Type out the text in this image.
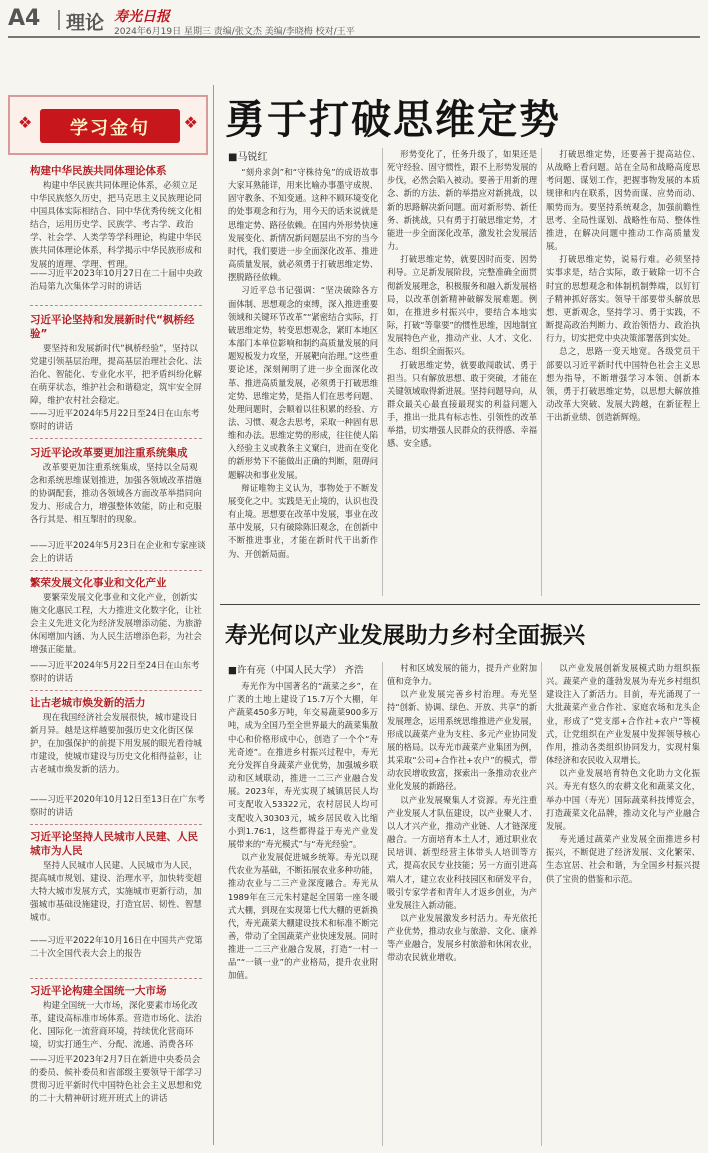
A4 理论 寿光日报
2024年6月19日 星期三 责编/张文杰 美编/李晓梅 校对/王平
❖	学习金句	❖
构建中华民族共同体理论体系
构建中华民族共同体理论体系，必须立足中华民族悠久历史，把马克思主义民族理论同中国具体实际相结合、同中华优秀传统文化相结合，运用历史学、民族学、考古学、政治学、社会学、人类学等学科理论，构建中华民族共同体理论体系，科学揭示中华民族形成和发展的道理、学理、哲理。
——习近平2023年10月27日在二十届中央政治局第九次集体学习时的讲话
习近平论坚持和发展新时代“枫桥经验”
要坚持和发展新时代“枫桥经验”，坚持以党建引领基层治理，提高基层治理社会化、法治化、智能化、专业化水平，把矛盾纠纷化解在萌芽状态，维护社会和谐稳定，筑牢安全屏障，维护农村社会稳定。
——习近平2024年5月22日至24日在山东考察时的讲话
习近平论改革要更加注重系统集成
改革要更加注重系统集成，坚持以全局观念和系统思维谋划推进，加强各领域改革措施的协调配套，推动各领域各方面改革举措同向发力、形成合力，增强整体效能，防止和克服各行其是、相互掣肘的现象。
——习近平2024年5月23日在企业和专家座谈会上的讲话
繁荣发展文化事业和文化产业
要繁荣发展文化事业和文化产业，创新实施文化惠民工程，大力推进文化数字化，让社会主义先进文化为经济发展增添动能、为旅游休闲增加内涵、为人民生活增添色彩，为社会增强正能量。
——习近平2024年5月22日至24日在山东考察时的讲话
让古老城市焕发新的活力
现在我国经济社会发展很快，城市建设日新月异。越是这样越要加强历史文化街区保护，在加强保护的前提下用发展的眼光看待城市建设，使城市建设与历史文化相得益彰，让古老城市焕发新的活力。
——习近平2020年10月12日至13日在广东考察时的讲话
习近平论坚持人民城市人民建、人民城市为人民
坚持人民城市人民建、人民城市为人民，提高城市规划、建设、治理水平，加快转变超大特大城市发展方式，实施城市更新行动，加强城市基础设施建设，打造宜居、韧性、智慧城市。
——习近平2022年10月16日在中国共产党第二十次全国代表大会上的报告
习近平论构建全国统一大市场
构建全国统一大市场，深化要素市场化改革，建设高标准市场体系。营造市场化、法治化、国际化一流营商环境，持续优化营商环境，切实打通生产、分配、流通、消费各环
——习近平2023年2月7日在新进中央委员会的委员、候补委员和省部级主要领导干部学习贯彻习近平新时代中国特色社会主义思想和党的二十大精神研讨班开班式上的讲话
勇于打破思维定势
■马锐红

“刻舟求剑”和“守株待兔”的成语故事大家耳熟能详，用来比喻办事墨守成规、固守教条、不知变通。这种不顾环境变化的处事观念和行为，用今天的话来说就是思维定势、路径依赖。在国内外形势快速发展变化、新情况新问题层出不穷的当今时代，我们要进一步全面深化改革、推进高质量发展，就必须勇于打破思维定势、摆脱路径依赖。

习近平总书记强调：“坚决破除各方面体制、思想观念的束缚，深入推进重要领域和关键环节改革”“紧密结合实际，打破思维定势，转变思想观念，紧盯本地区本部门本单位影响和制约高质量发展的问题短板发力攻坚，开展靶向治理。”这些重要论述，深刻阐明了进一步全面深化改革、推进高质量发展，必须勇于打破思维定势、思维定势，是指人们在思考问题、处理问题时，会顺着以往积累的经验、方法、习惯、观念去思考，采取一种固有思维和办法。思维定势的形成，往往使人陷入经验主义或教条主义窠臼，进而在变化的新形势下不能做出正确的判断，阻碍问题解决和事业发展。

辩证唯物主义认为，事物处于不断发展变化之中。实践是无止境的，认识也没有止境。思想要在改革中发展，事业在改革中发展，只有破除陈旧观念，在创新中不断推进事业，才能在新时代干出新作为、开创新局面。

形势变化了，任务升级了，如果还是死守经验、固守惯性，跟不上形势发展的步伐，必然会陷入被动。要善于用新的理念、新的方法、新的举措应对新挑战，以新的思路解决新问题。面对新形势、新任务、新挑战，只有勇于打破思维定势，才能进一步全面深化改革，激发社会发展活力。

打破思维定势，就要因时而变、因势利导。立足新发展阶段，完整准确全面贯彻新发展理念，积极服务和融入新发展格局，以改革创新精神破解发展难题。例如，在推进乡村振兴中，要结合本地实际，打破“等靠要”的惯性思维，因地制宜发展特色产业，推动产业、人才、文化、生态、组织全面振兴。

打破思维定势，就要敢闯敢试、勇于担当。只有解放思想、敢于突破，才能在关键领域取得新进展。坚持问题导向，从群众最关心最直接最现实的利益问题入手，推出一批具有标志性、引领性的改革举措，切实增强人民群众的获得感、幸福感、安全感。

打破思维定势，还要善于提高站位、从战略上看问题。站在全局和战略高度思考问题、谋划工作，把握事物发展的本质规律和内在联系，因势而谋、应势而动、顺势而为。要坚持系统观念，加强前瞻性思考、全局性谋划、战略性布局、整体性推进，在解决问题中推动工作高质量发展。

打破思维定势，说易行难。必须坚持实事求是，结合实际，敢于破除一切不合时宜的思想观念和体制机制弊端，以钉钉子精神抓好落实。领导干部要带头解放思想、更新观念，坚持学习、勇于实践，不断提高政治判断力、政治领悟力、政治执行力，切实把党中央决策部署落到实处。

总之，思路一变天地宽。各级党员干部要以习近平新时代中国特色社会主义思想为指导，不断增强学习本领、创新本领，勇于打破思维定势，以思想大解放推动改革大突破、发展大跨越，在新征程上干出新业绩、创造新辉煌。

寿光何以产业发展助力乡村全面振兴
■许有亮（中国人民大学） 齐浩

寿光作为中国著名的“蔬菜之乡”，在广袤的土地上建设了15.7万个大棚，年产蔬菜450多万吨，年交易蔬菜900多万吨，成为全国乃至全世界最大的蔬菜集散中心和价格形成中心，创造了一个个“寿光奇迹”。在推进乡村振兴过程中，寿光充分发挥自身蔬菜产业优势，加强城乡联动和区域联动，推进一二三产业融合发展。2023年，寿光实现了城镇居民人均可支配收入53322元，农村居民人均可支配收入30303元，城乡居民收入比缩小到1.76∶1，这些都得益于寿光产业发展带来的“寿光模式”与“寿光经验”。

以产业发展促进城乡统筹。寿光以现代农业为基础，不断拓展农业多种功能，推动农业与二三产业深度融合。寿光从1989年在三元朱村建起全国第一座冬暖式大棚，到现在实现第七代大棚的更新换代，寿光蔬菜大棚建设技术和标准不断完善，带动了全国蔬菜产业快速发展。同时推进一二三产业融合发展，打造“一村一品”“一镇一业”的产业格局，提升农业附加值。

村和区域发展的能力，提升产业附加值和竞争力。

以产业发展完善乡村治理。寿光坚持“创新、协调、绿色、开放、共享”的新发展理念，运用系统思维推进产业发展，形成以蔬菜产业为支柱、多元产业协同发展的格局。以寿光市蔬菜产业集团为例，其采取“公司+合作社+农户”的模式，带动农民增收致富，探索出一条推动农业产业化发展的新路径。

以产业发展聚集人才资源。寿光注重产业发展人才队伍建设，以产业聚人才、以人才兴产业，推动产业链、人才链深度融合。一方面培育本土人才，通过职业农民培训、新型经营主体带头人培训等方式，提高农民专业技能；另一方面引进高端人才，建立农业科技园区和研发平台，吸引专家学者和青年人才返乡创业，为产业发展注入新动能。

以产业发展激发乡村活力。寿光依托产业优势，推动农业与旅游、文化、康养等产业融合，发展乡村旅游和休闲农业，带动农民就业增收。

以产业发展创新发展模式助力组织振兴。蔬菜产业的蓬勃发展为寿光乡村组织建设注入了新活力。目前，寿光涌现了一大批蔬菜产业合作社、家庭农场和龙头企业，形成了“党支部+合作社+农户”等模式，让党组织在产业发展中发挥领导核心作用，推动各类组织协同发力，实现村集体经济和农民收入双增长。

以产业发展培育特色文化助力文化振兴。寿光有悠久的农耕文化和蔬菜文化，举办中国（寿光）国际蔬菜科技博览会，打造蔬菜文化品牌，推动文化与产业融合发展。

寿光通过蔬菜产业发展全面推进乡村振兴，不断促进了经济发展、文化繁荣、生态宜居、社会和谐，为全国乡村振兴提供了宝贵的借鉴和示范。
